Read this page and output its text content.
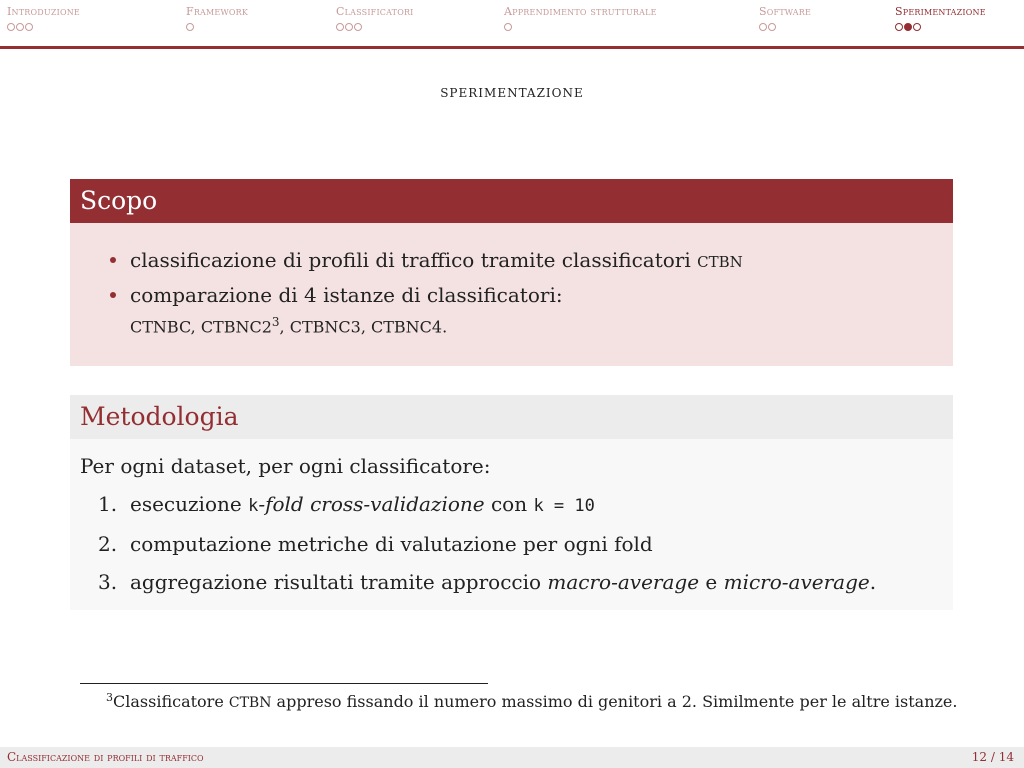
Introduzione	Framework	Classificatori	Apprendimento strutturale	Software	Sperimentazione
sperimentazione
Scopo
classificazione di profili di traffico tramite classificatori CTBN
comparazione di 4 istanze di classificatori:
CTNBC, $CTBNC2^3$, CTBNC3, CTBNC4.
Metodologia
Per ogni dataset, per ogni classificatore:
1. esecuzione k-fold cross-validazione con k = 10
2. computazione metriche di valutazione per ogni fold
3. aggregazione risultati tramite approccio macro-average e micro-average.
$^3$Classificatore CTBN appreso fissando il numero massimo di genitori a 2. Similmente per le altre istanze.
Classificazione di profili di traffico	12 / 14
